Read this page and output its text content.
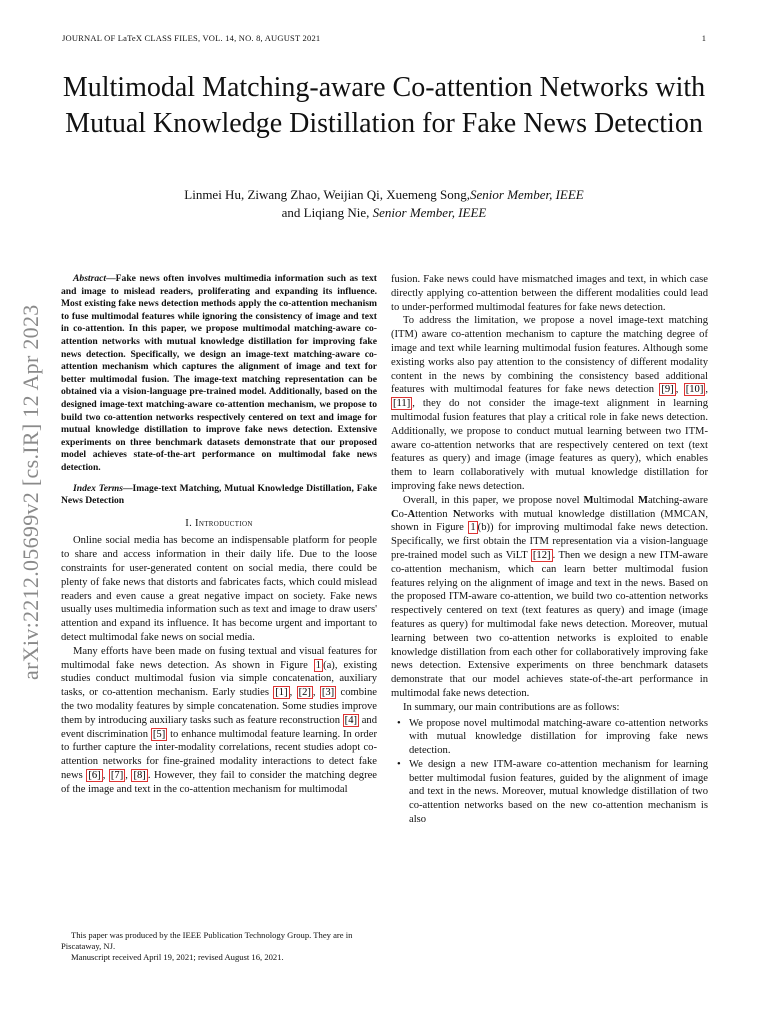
JOURNAL OF LaTeX CLASS FILES, VOL. 14, NO. 8, AUGUST 2021	1
Multimodal Matching-aware Co-attention Networks with Mutual Knowledge Distillation for Fake News Detection
Linmei Hu, Ziwang Zhao, Weijian Qi, Xuemeng Song,Senior Member, IEEE
and Liqiang Nie, Senior Member, IEEE
arXiv:2212.05699v2 [cs.IR] 12 Apr 2023

Abstract—Fake news often involves multimedia information such as text and image to mislead readers, proliferating and expanding its influence. Most existing fake news detection methods apply the co-attention mechanism to fuse multimodal features while ignoring the consistency of image and text in co-attention. In this paper, we propose multimodal matching-aware co-attention networks with mutual knowledge distillation for improving fake news detection. Specifically, we design an image-text matching-aware co-attention mechanism which captures the alignment of image and text for better multimodal fusion. The image-text matching representation can be obtained via a vision-language pre-trained model. Additionally, based on the designed image-text matching-aware co-attention mechanism, we propose to build two co-attention networks respectively centered on text and image for mutual knowledge distillation to improve fake news detection. Extensive experiments on three benchmark datasets demonstrate that our proposed model achieves state-of-the-art performance on multimodal fake news detection.

Index Terms—Image-text Matching, Mutual Knowledge Distillation, Fake News Detection

I. Introduction

Online social media has become an indispensable platform for people to share and access information in their daily life. Due to the loose constraints for user-generated content on social media, there could be plenty of fake news that distorts and fabricates facts, which could mislead readers and even cause a great negative impact on society. Fake news usually uses multimedia information such as text and image to draw users' attention and expand its influence. It has become urgent and important to detect multimodal fake news on social media.

Many efforts have been made on fusing textual and visual features for multimodal fake news detection. As shown in Figure 1 (a), existing studies conduct multimodal fusion via simple concatenation, auxiliary tasks, or co-attention mechanism. Early studies [1] , [2] , [3] combine the two modality features by simple concatenation. Some studies improve them by introducing auxiliary tasks such as feature reconstruction [4] and event discrimination [5] to enhance multimodal feature learning. In order to further capture the inter-modality correlations, recent studies adopt co-attention networks for fine-grained modality interactions to detect fake news [6] , [7] , [8] . However, they fail to consider the matching degree of the image and text in the co-attention mechanism for multimodal

This paper was produced by the IEEE Publication Technology Group. They are in Piscataway, NJ.

Manuscript received April 19, 2021; revised August 16, 2021.

fusion. Fake news could have mismatched images and text, in which case directly applying co-attention between the different modalities could lead to under-performed multimodal features for fake news detection.

To address the limitation, we propose a novel image-text matching (ITM) aware co-attention mechanism to capture the matching degree of image and text while learning multimodal fusion features. Although some existing works also pay attention to the consistency of different modality content in the news by combining the consistency based additional features with multimodal features for fake news detection [9] , [10] , [11] , they do not consider the image-text alignment in learning multimodal fusion features that play a critical role in fake news detection. Additionally, we propose to conduct mutual learning between two ITM-aware co-attention networks that are respectively centered on text (text features as query) and image (image features as query), which enables them to learn collaboratively with mutual knowledge distillation for improving fake news detection.

Overall, in this paper, we propose novel Multimodal Matching-aware Co-Attention Networks with mutual knowledge distillation (MMCAN, shown in Figure 1 (b)) for improving multimodal fake news detection. Specifically, we first obtain the ITM representation via a vision-language pre-trained model such as ViLT [12] . Then we design a new ITM-aware co-attention mechanism, which can learn better multimodal fusion features relying on the alignment of image and text in the news. Based on the proposed ITM-aware co-attention, we build two co-attention networks respectively centered on text (text features as query) and image (image features as query) for multimodal fake news detection. Moreover, mutual learning between two co-attention networks is exploited to enable knowledge distillation from each other for collaboratively improving fake news detection. Extensive experiments on three benchmark datasets demonstrate that our model achieves state-of-the-art performance in multimodal fake news detection.

In summary, our main contributions are as follows:

• We propose novel multimodal matching-aware co-attention networks with mutual knowledge distillation for improving fake news detection.
• We design a new ITM-aware co-attention mechanism for learning better multimodal fusion features, guided by the alignment of image and text in the news. Moreover, mutual knowledge distillation of two co-attention networks based on the new co-attention mechanism is also
